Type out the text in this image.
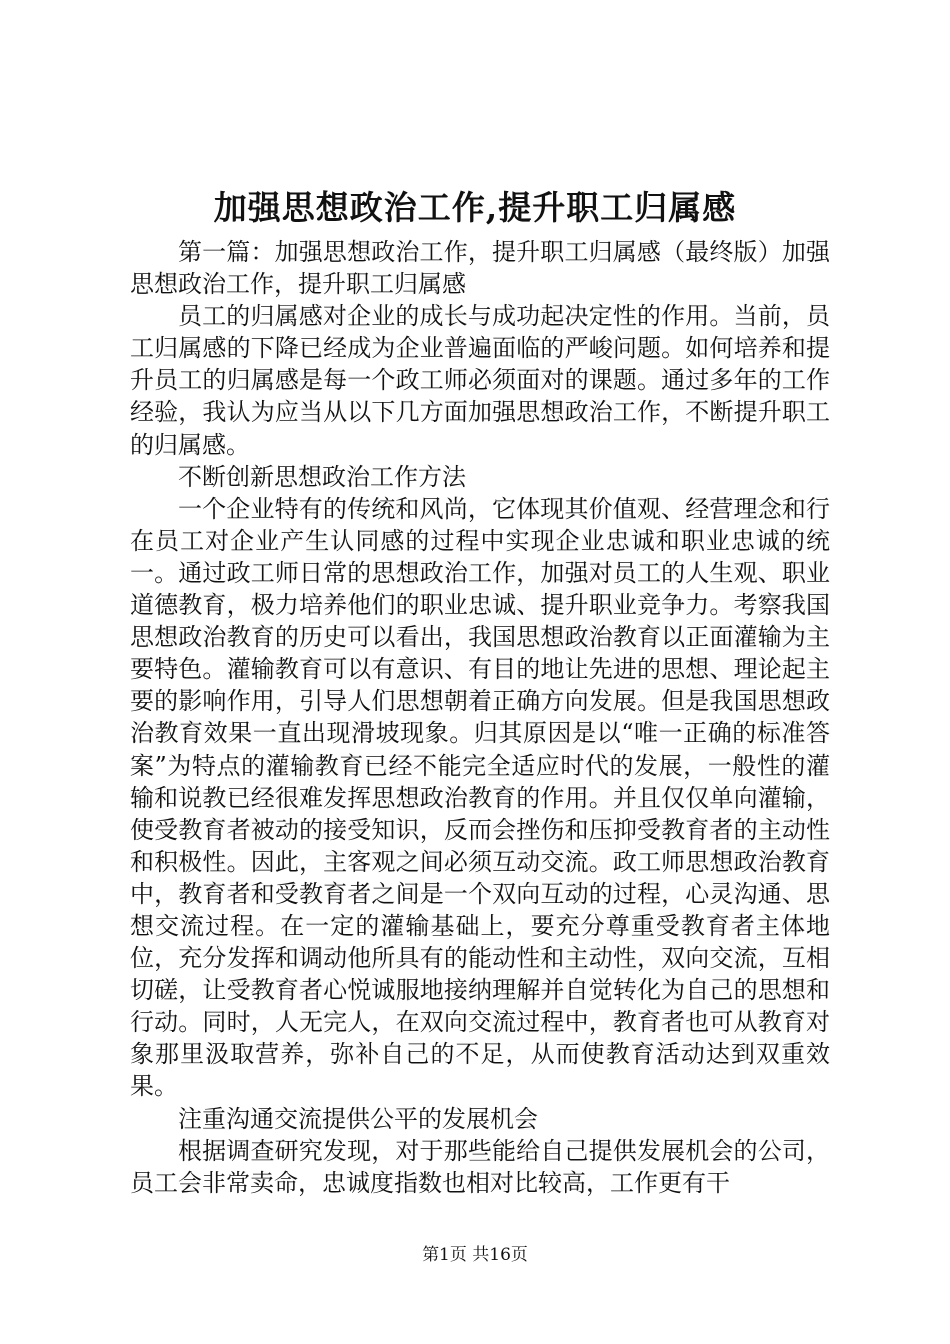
加强思想政治工作,提升职工归属感

第一篇：加强思想政治工作，提升职工归属感（最终版）加强思想政治工作，提升职工归属感

员工的归属感对企业的成长与成功起决定性的作用。当前，员工归属感的下降已经成为企业普遍面临的严峻问题。如何培养和提升员工的归属感是每一个政工师必须面对的课题。通过多年的工作经验，我认为应当从以下几方面加强思想政治工作，不断提升职工的归属感。

不断创新思想政治工作方法

一个企业特有的传统和风尚，它体现其价值观、经营理念和行在员工对企业产生认同感的过程中实现企业忠诚和职业忠诚的统一。通过政工师日常的思想政治工作，加强对员工的人生观、职业道德教育，极力培养他们的职业忠诚、提升职业竞争力。考察我国思想政治教育的历史可以看出，我国思想政治教育以正面灌输为主要特色。灌输教育可以有意识、有目的地让先进的思想、理论起主要的影响作用，引导人们思想朝着正确方向发展。但是我国思想政治教育效果一直出现滑坡现象。归其原因是以“唯一正确的标准答案”为特点的灌输教育已经不能完全适应时代的发展，一般性的灌输和说教已经很难发挥思想政治教育的作用。并且仅仅单向灌输，使受教育者被动的接受知识，反而会挫伤和压抑受教育者的主动性和积极性。因此，主客观之间必须互动交流。政工师思想政治教育中，教育者和受教育者之间是一个双向互动的过程，心灵沟通、思想交流过程。在一定的灌输基础上，要充分尊重受教育者主体地位，充分发挥和调动他所具有的能动性和主动性，双向交流，互相切磋，让受教育者心悦诚服地接纳理解并自觉转化为自己的思想和行动。同时，人无完人，在双向交流过程中，教育者也可从教育对象那里汲取营养，弥补自己的不足，从而使教育活动达到双重效果。

注重沟通交流提供公平的发展机会

根据调查研究发现，对于那些能给自己提供发展机会的公司，员工会非常卖命，忠诚度指数也相对比较高，工作更有干

第1页 共16页
